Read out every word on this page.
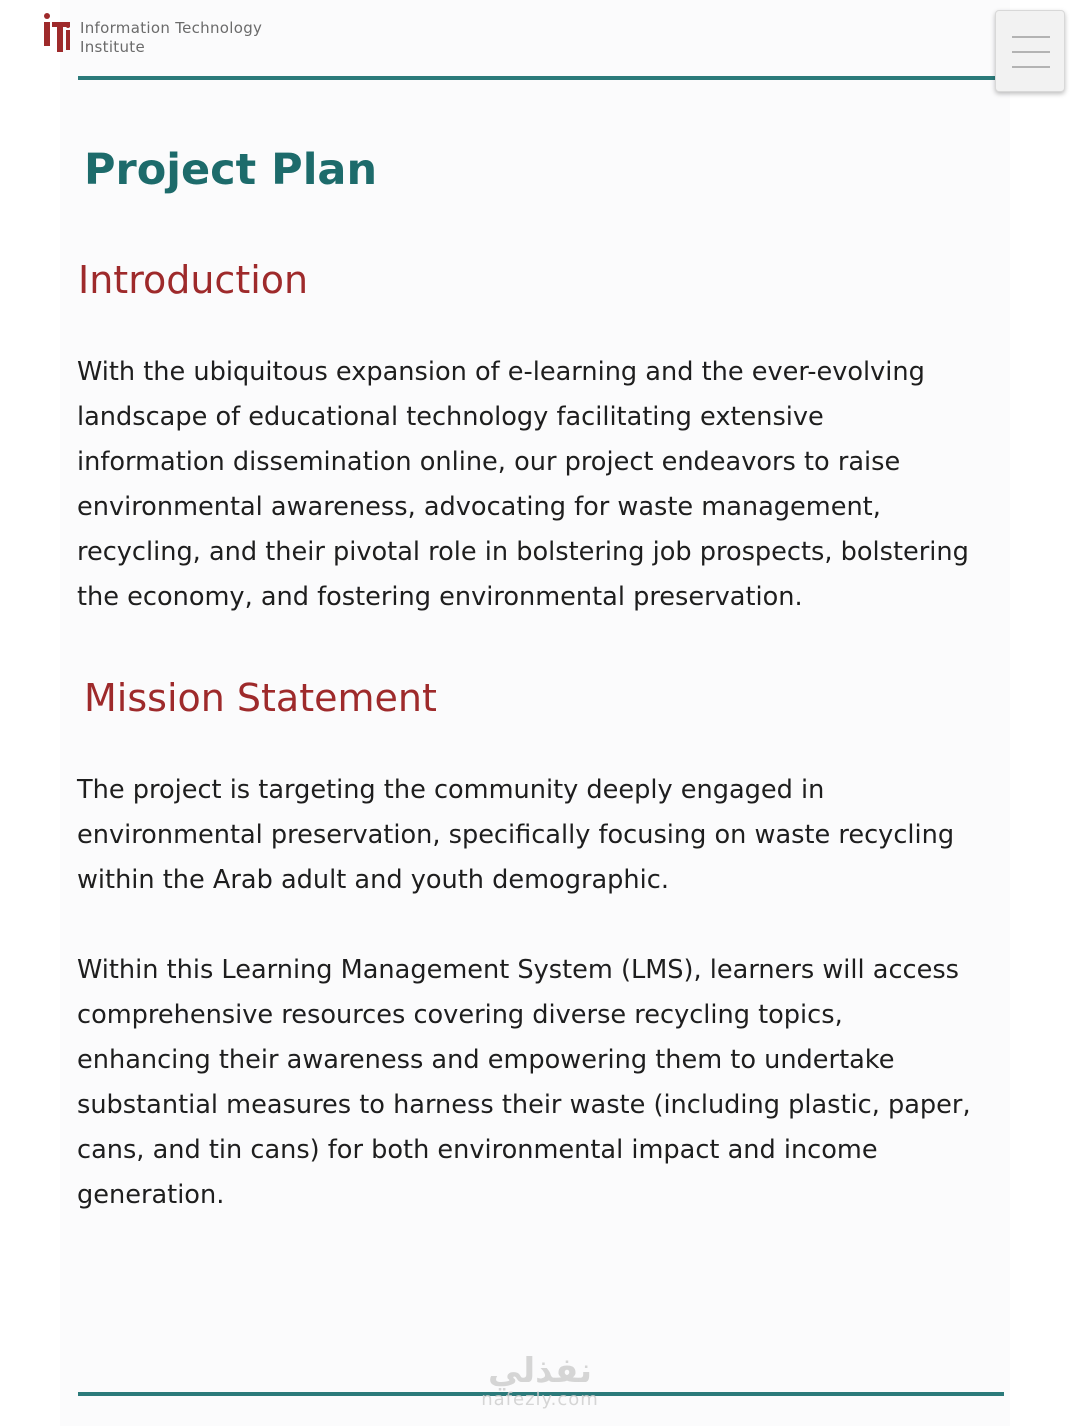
Information Technology
Institute
Project Plan
Introduction

With the ubiquitous expansion of e-learning and the ever-evolving landscape of educational technology facilitating extensive information dissemination online, our project endeavors to raise environmental awareness, advocating for waste management, recycling, and their pivotal role in bolstering job prospects, bolstering the economy, and fostering environmental preservation.

Mission Statement

The project is targeting the community deeply engaged in environmental preservation, specifically focusing on waste recycling within the Arab adult and youth demographic.

Within this Learning Management System (LMS), learners will access comprehensive resources covering diverse recycling topics, enhancing their awareness and empowering them to undertake substantial measures to harness their waste (including plastic, paper, cans, and tin cans) for both environmental impact and income generation.

نفذلي
nafezly.com
